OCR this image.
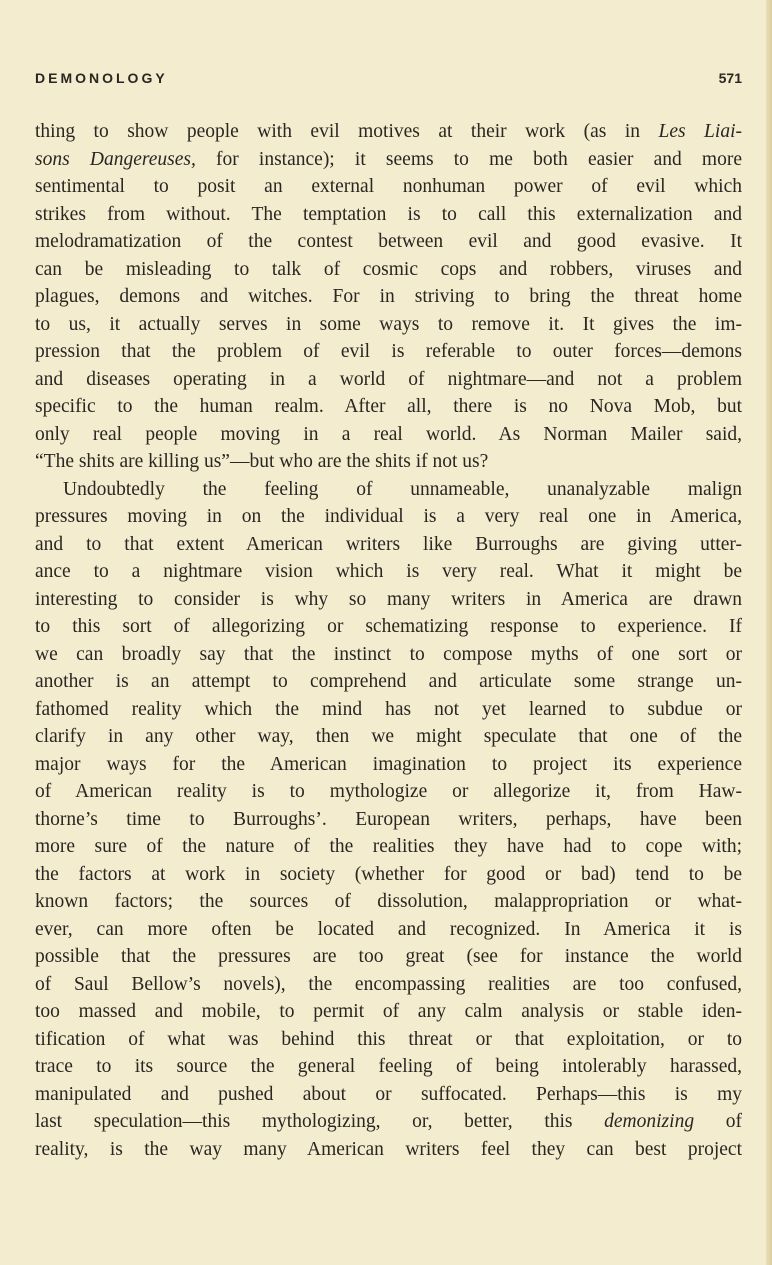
DEMONOLOGY	571
thing to show people with evil motives at their work (as in Les Liai-
sons Dangereuses, for instance); it seems to me both easier and more
sentimental to posit an external nonhuman power of evil which
strikes from without. The temptation is to call this externalization and
melodramatization of the contest between evil and good evasive. It
can be misleading to talk of cosmic cops and robbers, viruses and
plagues, demons and witches. For in striving to bring the threat home
to us, it actually serves in some ways to remove it. It gives the im-
pression that the problem of evil is referable to outer forces—demons
and diseases operating in a world of nightmare—and not a problem
specific to the human realm. After all, there is no Nova Mob, but
only real people moving in a real world. As Norman Mailer said,
“The shits are killing us”—but who are the shits if not us?
Undoubtedly the feeling of unnameable, unanalyzable malign
pressures moving in on the individual is a very real one in America,
and to that extent American writers like Burroughs are giving utter-
ance to a nightmare vision which is very real. What it might be
interesting to consider is why so many writers in America are drawn
to this sort of allegorizing or schematizing response to experience. If
we can broadly say that the instinct to compose myths of one sort or
another is an attempt to comprehend and articulate some strange un-
fathomed reality which the mind has not yet learned to subdue or
clarify in any other way, then we might speculate that one of the
major ways for the American imagination to project its experience
of American reality is to mythologize or allegorize it, from Haw-
thorne’s time to Burroughs’. European writers, perhaps, have been
more sure of the nature of the realities they have had to cope with;
the factors at work in society (whether for good or bad) tend to be
known factors; the sources of dissolution, malappropriation or what-
ever, can more often be located and recognized. In America it is
possible that the pressures are too great (see for instance the world
of Saul Bellow’s novels), the encompassing realities are too confused,
too massed and mobile, to permit of any calm analysis or stable iden-
tification of what was behind this threat or that exploitation, or to
trace to its source the general feeling of being intolerably harassed,
manipulated and pushed about or suffocated. Perhaps—this is my
last speculation—this mythologizing, or, better, this demonizing of
reality, is the way many American writers feel they can best project
